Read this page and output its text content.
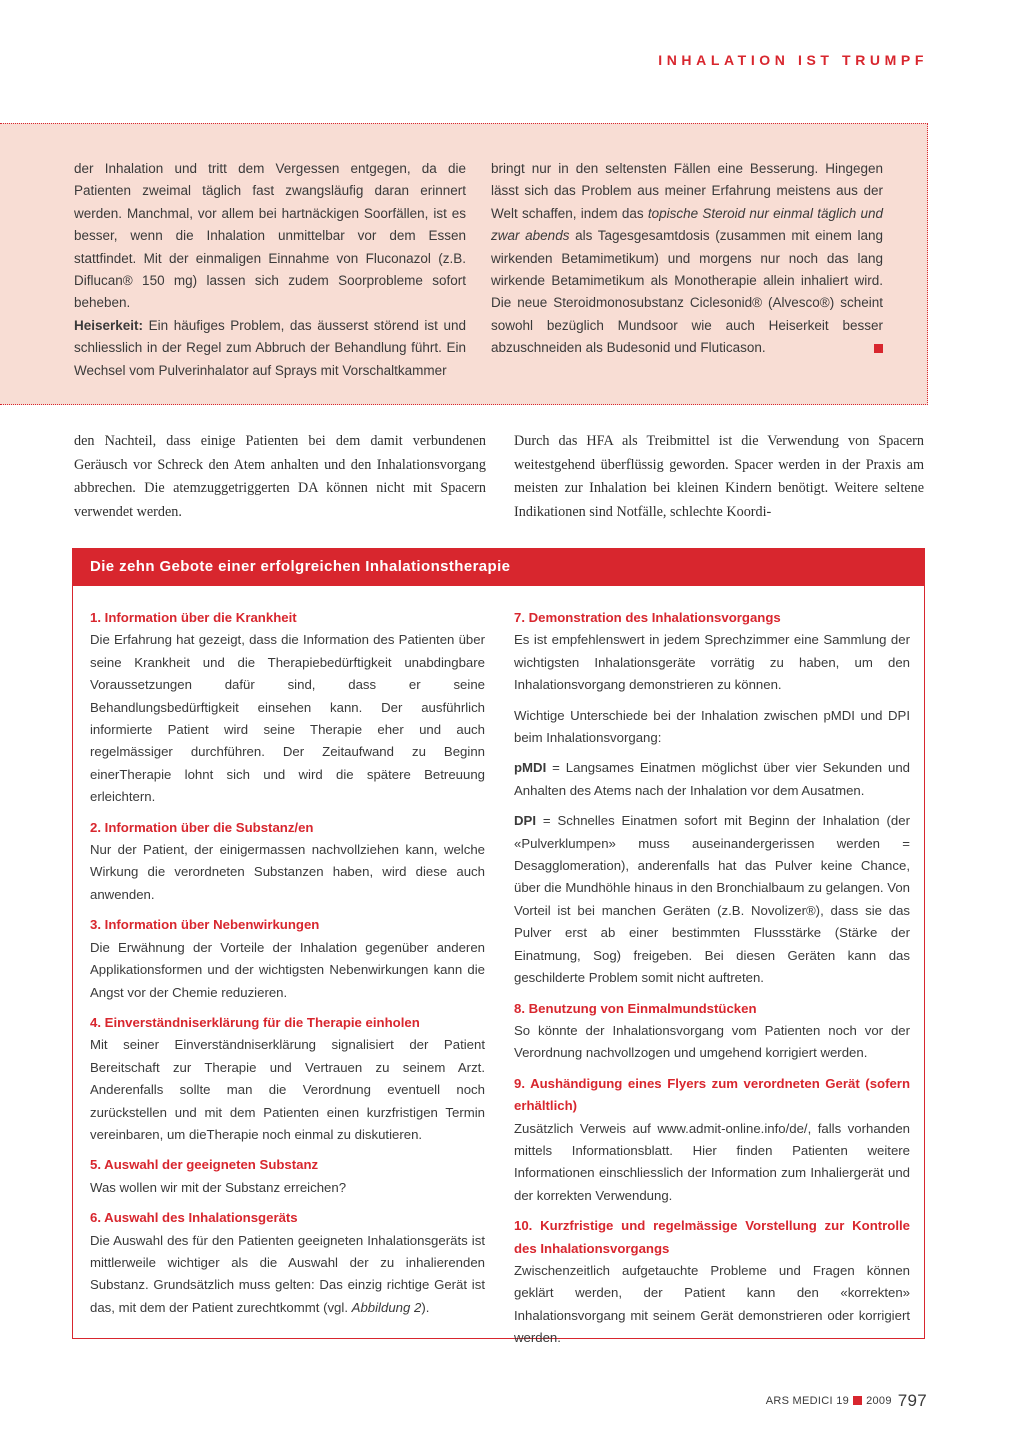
INHALATION IST TRUMPF

der Inhalation und tritt dem Vergessen entgegen, da die Patienten zweimal täglich fast zwangsläufig daran erinnert werden. Manchmal, vor allem bei hartnäckigen Soorfällen, ist es besser, wenn die Inhalation unmittelbar vor dem Essen stattfindet. Mit der einmaligen Einnahme von Fluconazol (z.B. Diflucan® 150 mg) lassen sich zudem Soorprobleme sofort beheben.

Heiserkeit: Ein häufiges Problem, das äusserst störend ist und schliesslich in der Regel zum Abbruch der Behandlung führt. Ein Wechsel vom Pulverinhalator auf Sprays mit Vorschaltkammer

bringt nur in den seltensten Fällen eine Besserung. Hingegen lässt sich das Problem aus meiner Erfahrung meistens aus der Welt schaffen, indem das topische Steroid nur einmal täglich und zwar abends als Tagesgesamtdosis (zusammen mit einem lang wirkenden Betamimetikum) und morgens nur noch das lang wirkende Betamimetikum als Monotherapie allein inhaliert wird. Die neue Steroidmonosubstanz Ciclesonid® (Alvesco®) scheint sowohl bezüglich Mundsoor wie auch Heiserkeit besser abzuschneiden als Budesonid und Fluticason.

den Nachteil, dass einige Patienten bei dem damit verbundenen Geräusch vor Schreck den Atem anhalten und den Inhalationsvorgang abbrechen. Die atemzuggetriggerten DA können nicht mit Spacern verwendet werden.

Durch das HFA als Treibmittel ist die Verwendung von Spacern weitestgehend überflüssig geworden. Spacer werden in der Praxis am meisten zur Inhalation bei kleinen Kindern benötigt. Weitere seltene Indikationen sind Notfälle, schlechte Koordi-

Die zehn Gebote einer erfolgreichen Inhalationstherapie

1. Information über die Krankheit

Die Erfahrung hat gezeigt, dass die Information des Patienten über seine Krankheit und die Therapiebedürftigkeit unabdingbare Voraussetzungen dafür sind, dass er seine Behandlungsbedürftigkeit einsehen kann. Der ausführlich informierte Patient wird seine Therapie eher und auch regelmässiger durchführen. Der Zeitaufwand zu Beginn einerTherapie lohnt sich und wird die spätere Betreuung erleichtern.

2. Information über die Substanz/en

Nur der Patient, der einigermassen nachvollziehen kann, welche Wirkung die verordneten Substanzen haben, wird diese auch anwenden.

3. Information über Nebenwirkungen

Die Erwähnung der Vorteile der Inhalation gegenüber anderen Applikationsformen und der wichtigsten Nebenwirkungen kann die Angst vor der Chemie reduzieren.

4. Einverständniserklärung für die Therapie einholen

Mit seiner Einverständniserklärung signalisiert der Patient Bereitschaft zur Therapie und Vertrauen zu seinem Arzt. Anderenfalls sollte man die Verordnung eventuell noch zurückstellen und mit dem Patienten einen kurzfristigen Termin vereinbaren, um dieTherapie noch einmal zu diskutieren.

5. Auswahl der geeigneten Substanz

Was wollen wir mit der Substanz erreichen?

6. Auswahl des Inhalationsgeräts

Die Auswahl des für den Patienten geeigneten Inhalationsgeräts ist mittlerweile wichtiger als die Auswahl der zu inhalierenden Substanz. Grundsätzlich muss gelten: Das einzig richtige Gerät ist das, mit dem der Patient zurechtkommt (vgl. Abbildung 2).

7. Demonstration des Inhalationsvorgangs

Es ist empfehlenswert in jedem Sprechzimmer eine Sammlung der wichtigsten Inhalationsgeräte vorrätig zu haben, um den Inhalationsvorgang demonstrieren zu können.

Wichtige Unterschiede bei der Inhalation zwischen pMDI und DPI beim Inhalationsvorgang:

pMDI = Langsames Einatmen möglichst über vier Sekunden und Anhalten des Atems nach der Inhalation vor dem Ausatmen.

DPI = Schnelles Einatmen sofort mit Beginn der Inhalation (der «Pulverklumpen» muss auseinandergerissen werden = Desagglomeration), anderenfalls hat das Pulver keine Chance, über die Mundhöhle hinaus in den Bronchialbaum zu gelangen. Von Vorteil ist bei manchen Geräten (z.B. Novolizer®), dass sie das Pulver erst ab einer bestimmten Flussstärke (Stärke der Einatmung, Sog) freigeben. Bei diesen Geräten kann das geschilderte Problem somit nicht auftreten.

8. Benutzung von Einmalmundstücken

So könnte der Inhalationsvorgang vom Patienten noch vor der Verordnung nachvollzogen und umgehend korrigiert werden.

9. Aushändigung eines Flyers zum verordneten Gerät (sofern erhältlich)

Zusätzlich Verweis auf www.admit-online.info/de/, falls vorhanden mittels Informationsblatt. Hier finden Patienten weitere Informationen einschliesslich der Information zum Inhaliergerät und der korrekten Verwendung.

10. Kurzfristige und regelmässige Vorstellung zur Kontrolle des Inhalationsvorgangs

Zwischenzeitlich aufgetauchte Probleme und Fragen können geklärt werden, der Patient kann den «korrekten» Inhalationsvorgang mit seinem Gerät demonstrieren oder korrigiert werden.

ARS MEDICI 19 2009 797
